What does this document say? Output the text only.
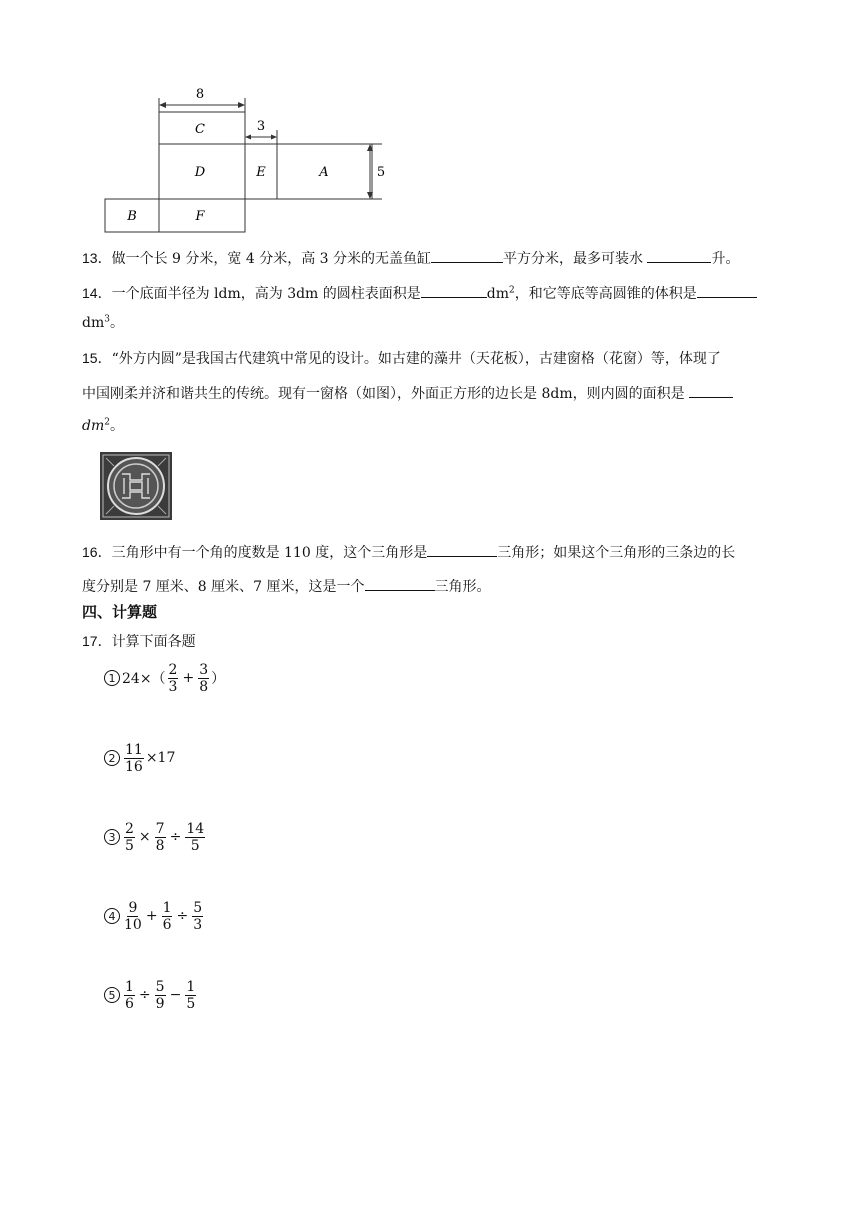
8
3
5
C
D	E	A
B	F
13．做一个长 9 分米，宽 4 分米，高 3 分米的无盖鱼缸	平方分米，最多可装水	升。
14．一个底面半径为 ldm，高为 3dm 的圆柱表面积是	$dm^2$，和它等底等高圆锥的体积是
$dm^3$。
15．“外方内圆”是我国古代建筑中常见的设计。如古建的藻井（天花板），古建窗格（花窗）等，体现了
中国刚柔并济和谐共生的传统。现有一窗格（如图），外面正方形的边长是 8dm，则内圆的面积是
$dm^2$。
16．三角形中有一个角的度数是 110 度，这个三角形是	三角形；如果这个三角形的三条边的长
度分别是 7 厘米、8 厘米、7 厘米，这是一个	三角形。
四、计算题
17．计算下面各题
1 $24\times( \frac{2}{3} + \frac{3}{8}$ ）
$2 \frac{11}{16} \times 17$
$3 \frac{2}{5} \times \frac{7}{8} \div \frac{14}{5}$
$4 \frac{9}{10} + \frac{1}{6} \div \frac{5}{3}$
$5 \frac{1}{6} \div \frac{5}{9} - \frac{1}{5}$
